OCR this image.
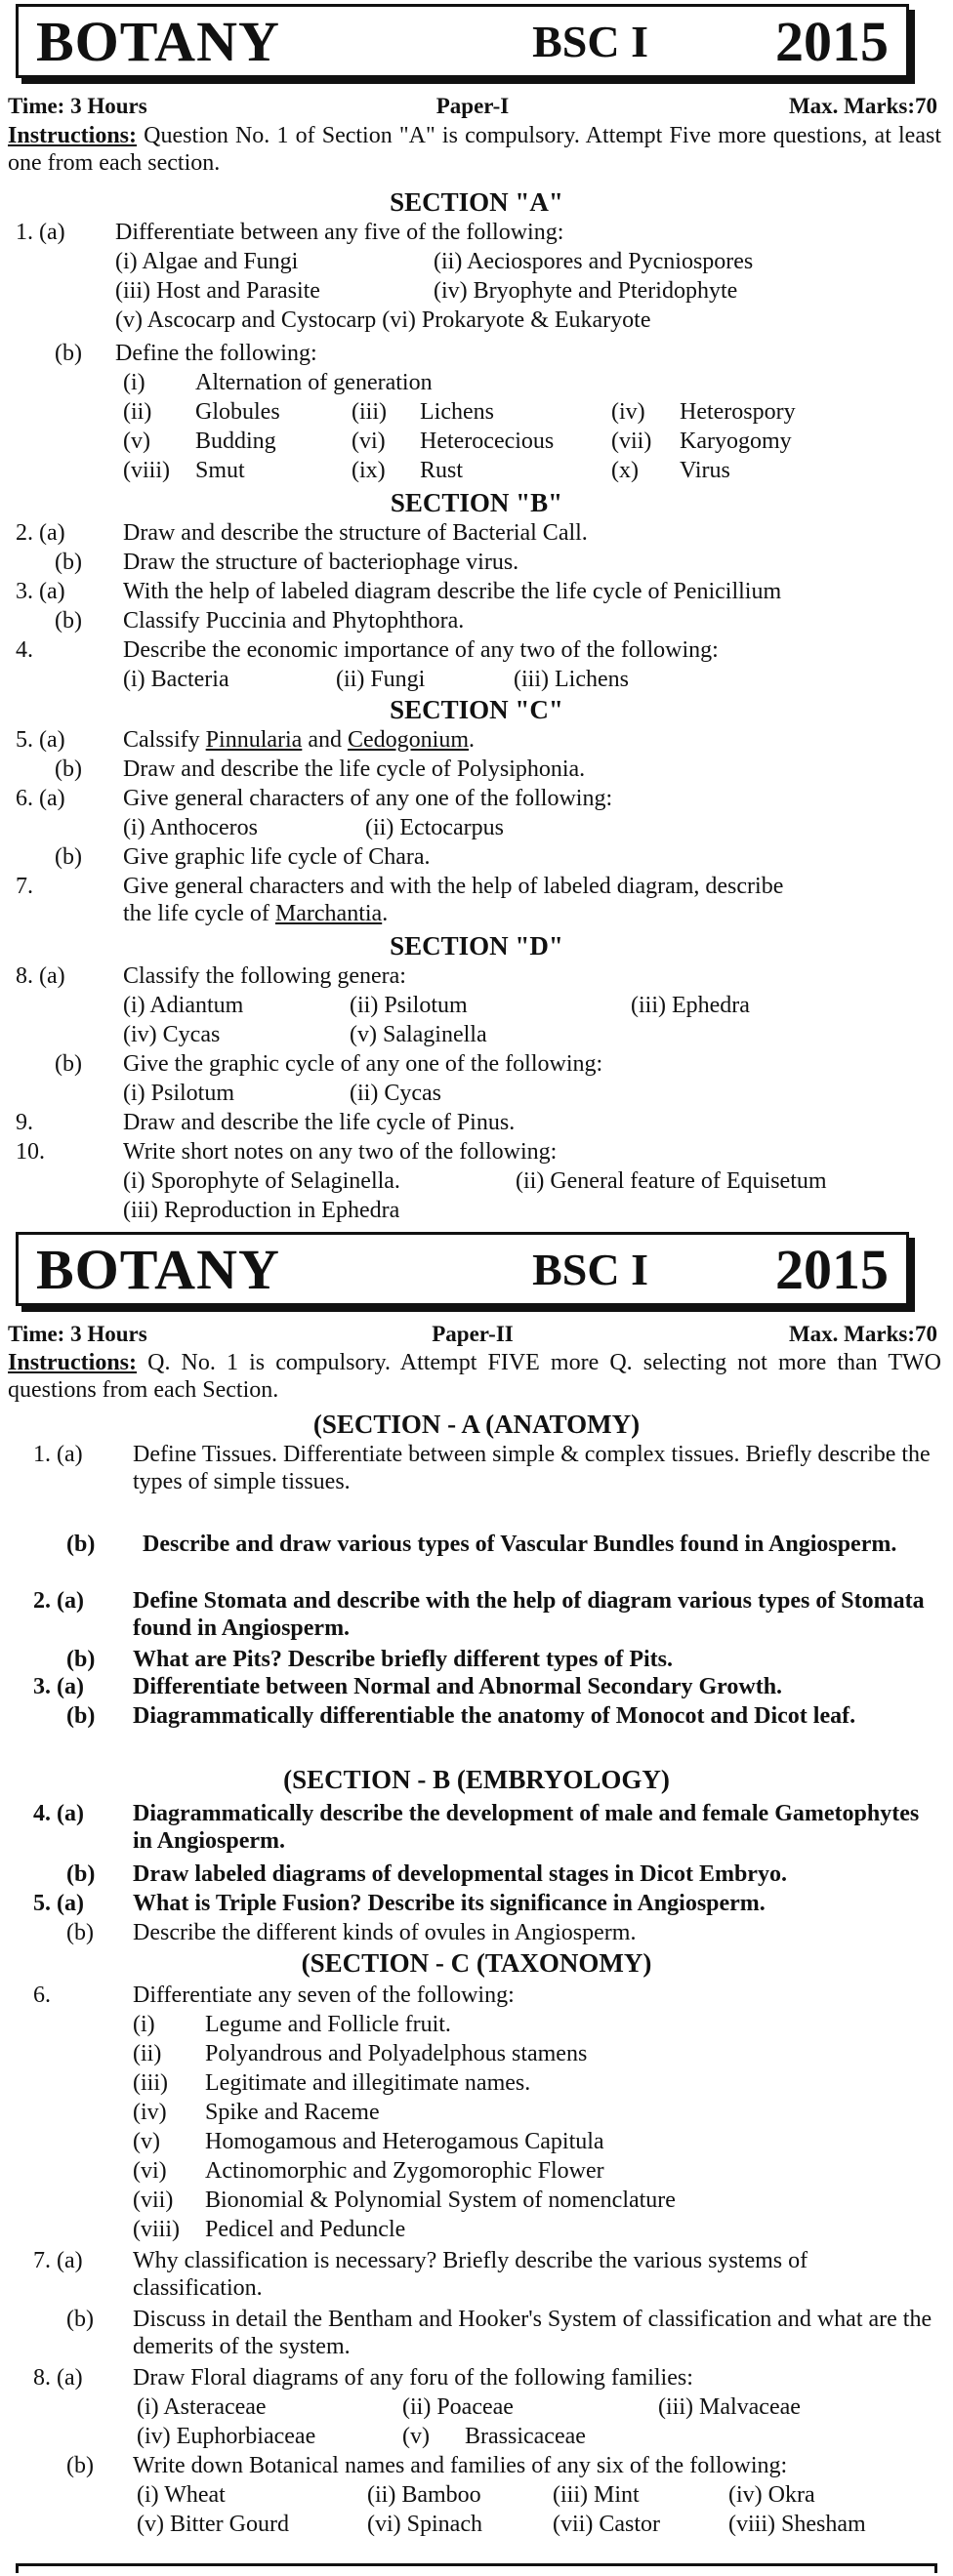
BOTANY	BSC I 2015
Time: 3 Hours	Paper-I	Max. Marks:70
Instructions: Question No. 1 of Section "A" is compulsory. Attempt Five more questions, at least one from each section.
SECTION "A"
1. (a) Differentiate between any five of the following:
(i) Algae and Fungi	(ii) Aeciospores and Pycniospores
(iii) Host and Parasite	(iv) Bryophyte and Pteridophyte
(v) Ascocarp and Cystocarp (vi) Prokaryote & Eukaryote
(b) Define the following:
(i) Alternation of generation
(ii) Globules	(iii) Lichens	(iv) Heterospory
(v) Budding	(vi) Heterocecious (vii) Karyogomy
(viii) Smut	(ix) Rust	(x) Virus
SECTION "B"
2. (a) Draw and describe the structure of Bacterial Call.
(b) Draw the structure of bacteriophage virus.
3. (a) With the help of labeled diagram describe the life cycle of Penicillium
(b) Classify Puccinia and Phytophthora.
4.	Describe the economic importance of any two of the following:
(i) Bacteria	(ii) Fungi	(iii) Lichens
SECTION "C"
5. (a) Calssify Pinnularia and Cedogonium.
(b) Draw and describe the life cycle of Polysiphonia.
6. (a) Give general characters of any one of the following:
(i) Anthoceros	(ii) Ectocarpus
(b) Give graphic life cycle of Chara.
7.	Give general characters and with the help of labeled diagram, describe
the life cycle of Marchantia.
SECTION "D"
8. (a) Classify the following genera:
(i) Adiantum	(ii) Psilotum	(iii) Ephedra
(iv) Cycas	(v) Salaginella
(b) Give the graphic cycle of any one of the following:
(i) Psilotum	(ii) Cycas
9.	Draw and describe the life cycle of Pinus.
10.	Write short notes on any two of the following:
(i) Sporophyte of Selaginella.	(ii) General feature of Equisetum
(iii) Reproduction in Ephedra
BOTANY	BSC I 2015
Time: 3 Hours	Paper-II	Max. Marks:70
Instructions: Q. No. 1 is compulsory. Attempt FIVE more Q. selecting not more than TWO questions from each Section.
(SECTION - A (ANATOMY)
1. (a) Define Tissues. Differentiate between simple & complex tissues. Briefly describe the types of simple tissues.
(b) Describe and draw various types of Vascular Bundles found in Angiosperm.
2. (a) Define Stomata and describe with the help of diagram various types of Stomata found in Angiosperm.
(b) What are Pits? Describe briefly different types of Pits.
3. (a) Differentiate between Normal and Abnormal Secondary Growth.
(b) Diagrammatically differentiable the anatomy of Monocot and Dicot leaf.
(SECTION - B (EMBRYOLOGY)
4. (a) Diagrammatically describe the development of male and female Gametophytes in Angiosperm.
(b) Draw labeled diagrams of developmental stages in Dicot Embryo.
5. (a) What is Triple Fusion? Describe its significance in Angiosperm.
(b) Describe the different kinds of ovules in Angiosperm.
(SECTION - C (TAXONOMY)
6.	Differentiate any seven of the following:
(i) Legume and Follicle fruit.
(ii) Polyandrous and Polyadelphous stamens
(iii) Legitimate and illegitimate names.
(iv) Spike and Raceme
(v) Homogamous and Heterogamous Capitula
(vi) Actinomorphic and Zygomorophic Flower
(vii) Bionomial & Polynomial System of nomenclature
(viii) Pedicel and Peduncle
7. (a) Why classification is necessary? Briefly describe the various systems of classification.
(b) Discuss in detail the Bentham and Hooker's System of classification and what are the demerits of the system.
8. (a) Draw Floral diagrams of any foru of the following families:
(i) Asteraceae	(ii) Poaceae	(iii) Malvaceae
(iv) Euphorbiaceae	(v) Brassicaceae
(b) Write down Botanical names and families of any six of the following:
(i) Wheat	(ii) Bamboo	(iii) Mint	(iv) Okra
(v) Bitter Gourd	(vi) Spinach	(vii) Castor	(viii) Shesham
